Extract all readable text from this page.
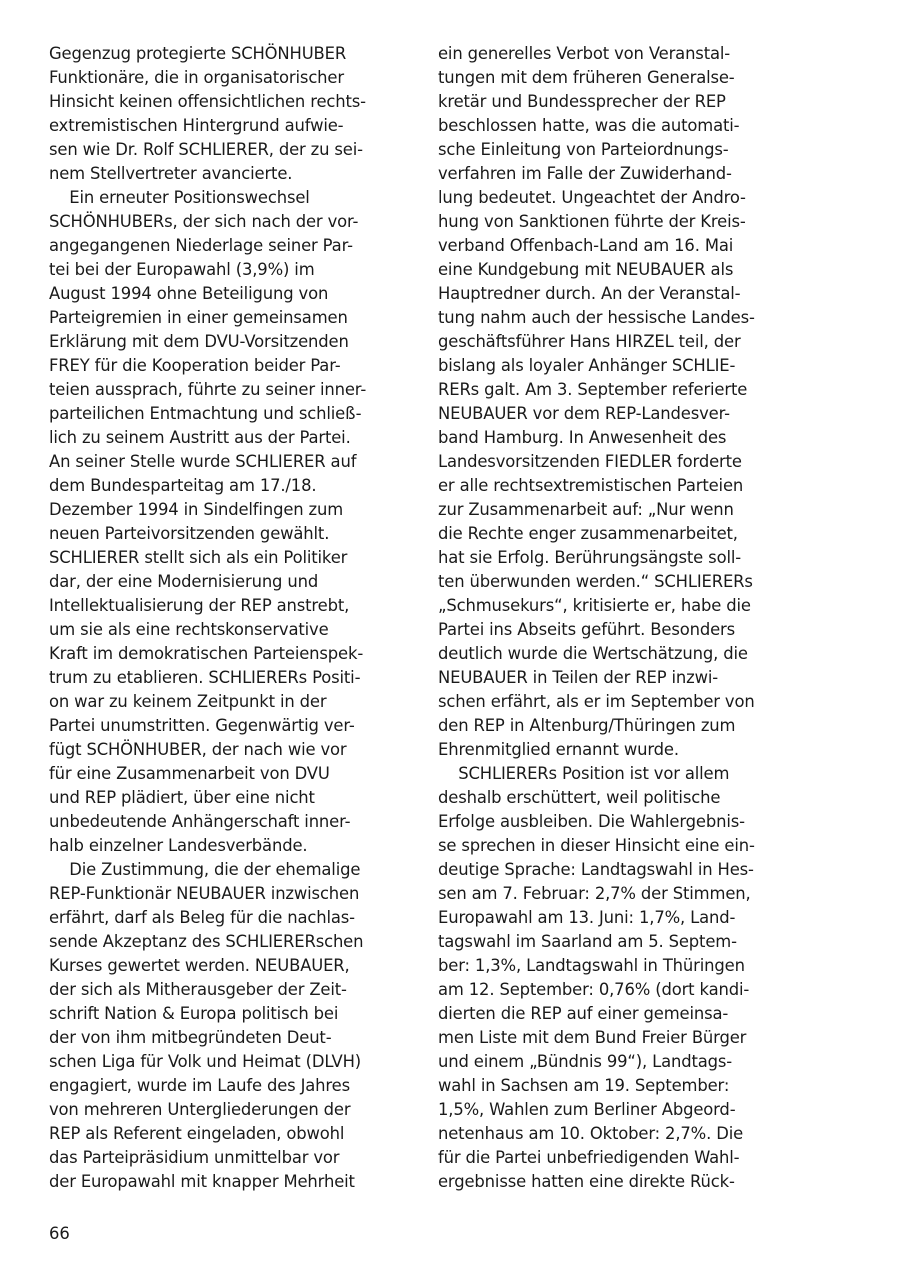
Gegenzug protegierte SCHÖNHUBER
Funktionäre, die in organisatorischer
Hinsicht keinen offensichtlichen rechts-
extremistischen Hintergrund aufwie-
sen wie Dr. Rolf SCHLIERER, der zu sei-
nem Stellvertreter avancierte.
Ein erneuter Positionswechsel
SCHÖNHUBERs, der sich nach der vor-
angegangenen Niederlage seiner Par-
tei bei der Europawahl (3,9%) im
August 1994 ohne Beteiligung von
Parteigremien in einer gemeinsamen
Erklärung mit dem DVU-Vorsitzenden
FREY für die Kooperation beider Par-
teien aussprach, führte zu seiner inner-
parteilichen Entmachtung und schließ-
lich zu seinem Austritt aus der Partei.
An seiner Stelle wurde SCHLIERER auf
dem Bundesparteitag am 17./18.
Dezember 1994 in Sindelfingen zum
neuen Parteivorsitzenden gewählt.
SCHLIERER stellt sich als ein Politiker
dar, der eine Modernisierung und
Intellektualisierung der REP anstrebt,
um sie als eine rechtskonservative
Kraft im demokratischen Parteienspek-
trum zu etablieren. SCHLIERERs Positi-
on war zu keinem Zeitpunkt in der
Partei unumstritten. Gegenwärtig ver-
fügt SCHÖNHUBER, der nach wie vor
für eine Zusammenarbeit von DVU
und REP plädiert, über eine nicht
unbedeutende Anhängerschaft inner-
halb einzelner Landesverbände.
Die Zustimmung, die der ehemalige
REP-Funktionär NEUBAUER inzwischen
erfährt, darf als Beleg für die nachlas-
sende Akzeptanz des SCHLIERERschen
Kurses gewertet werden. NEUBAUER,
der sich als Mitherausgeber der Zeit-
schrift Nation & Europa politisch bei
der von ihm mitbegründeten Deut-
schen Liga für Volk und Heimat (DLVH)
engagiert, wurde im Laufe des Jahres
von mehreren Untergliederungen der
REP als Referent eingeladen, obwohl
das Parteipräsidium unmittelbar vor
der Europawahl mit knapper Mehrheit
ein generelles Verbot von Veranstal-
tungen mit dem früheren Generalse-
kretär und Bundessprecher der REP
beschlossen hatte, was die automati-
sche Einleitung von Parteiordnungs-
verfahren im Falle der Zuwiderhand-
lung bedeutet. Ungeachtet der Andro-
hung von Sanktionen führte der Kreis-
verband Offenbach-Land am 16. Mai
eine Kundgebung mit NEUBAUER als
Hauptredner durch. An der Veranstal-
tung nahm auch der hessische Landes-
geschäftsführer Hans HIRZEL teil, der
bislang als loyaler Anhänger SCHLIE-
RERs galt. Am 3. September referierte
NEUBAUER vor dem REP-Landesver-
band Hamburg. In Anwesenheit des
Landesvorsitzenden FIEDLER forderte
er alle rechtsextremistischen Parteien
zur Zusammenarbeit auf: „Nur wenn
die Rechte enger zusammenarbeitet,
hat sie Erfolg. Berührungsängste soll-
ten überwunden werden.“ SCHLIERERs
„Schmusekurs“, kritisierte er, habe die
Partei ins Abseits geführt. Besonders
deutlich wurde die Wertschätzung, die
NEUBAUER in Teilen der REP inzwi-
schen erfährt, als er im September von
den REP in Altenburg/Thüringen zum
Ehrenmitglied ernannt wurde.
SCHLIERERs Position ist vor allem
deshalb erschüttert, weil politische
Erfolge ausbleiben. Die Wahlergebnis-
se sprechen in dieser Hinsicht eine ein-
deutige Sprache: Landtagswahl in Hes-
sen am 7. Februar: 2,7% der Stimmen,
Europawahl am 13. Juni: 1,7%, Land-
tagswahl im Saarland am 5. Septem-
ber: 1,3%, Landtagswahl in Thüringen
am 12. September: 0,76% (dort kandi-
dierten die REP auf einer gemeinsa-
men Liste mit dem Bund Freier Bürger
und einem „Bündnis 99“), Landtags-
wahl in Sachsen am 19. September:
1,5%, Wahlen zum Berliner Abgeord-
netenhaus am 10. Oktober: 2,7%. Die
für die Partei unbefriedigenden Wahl-
ergebnisse hatten eine direkte Rück-
66
